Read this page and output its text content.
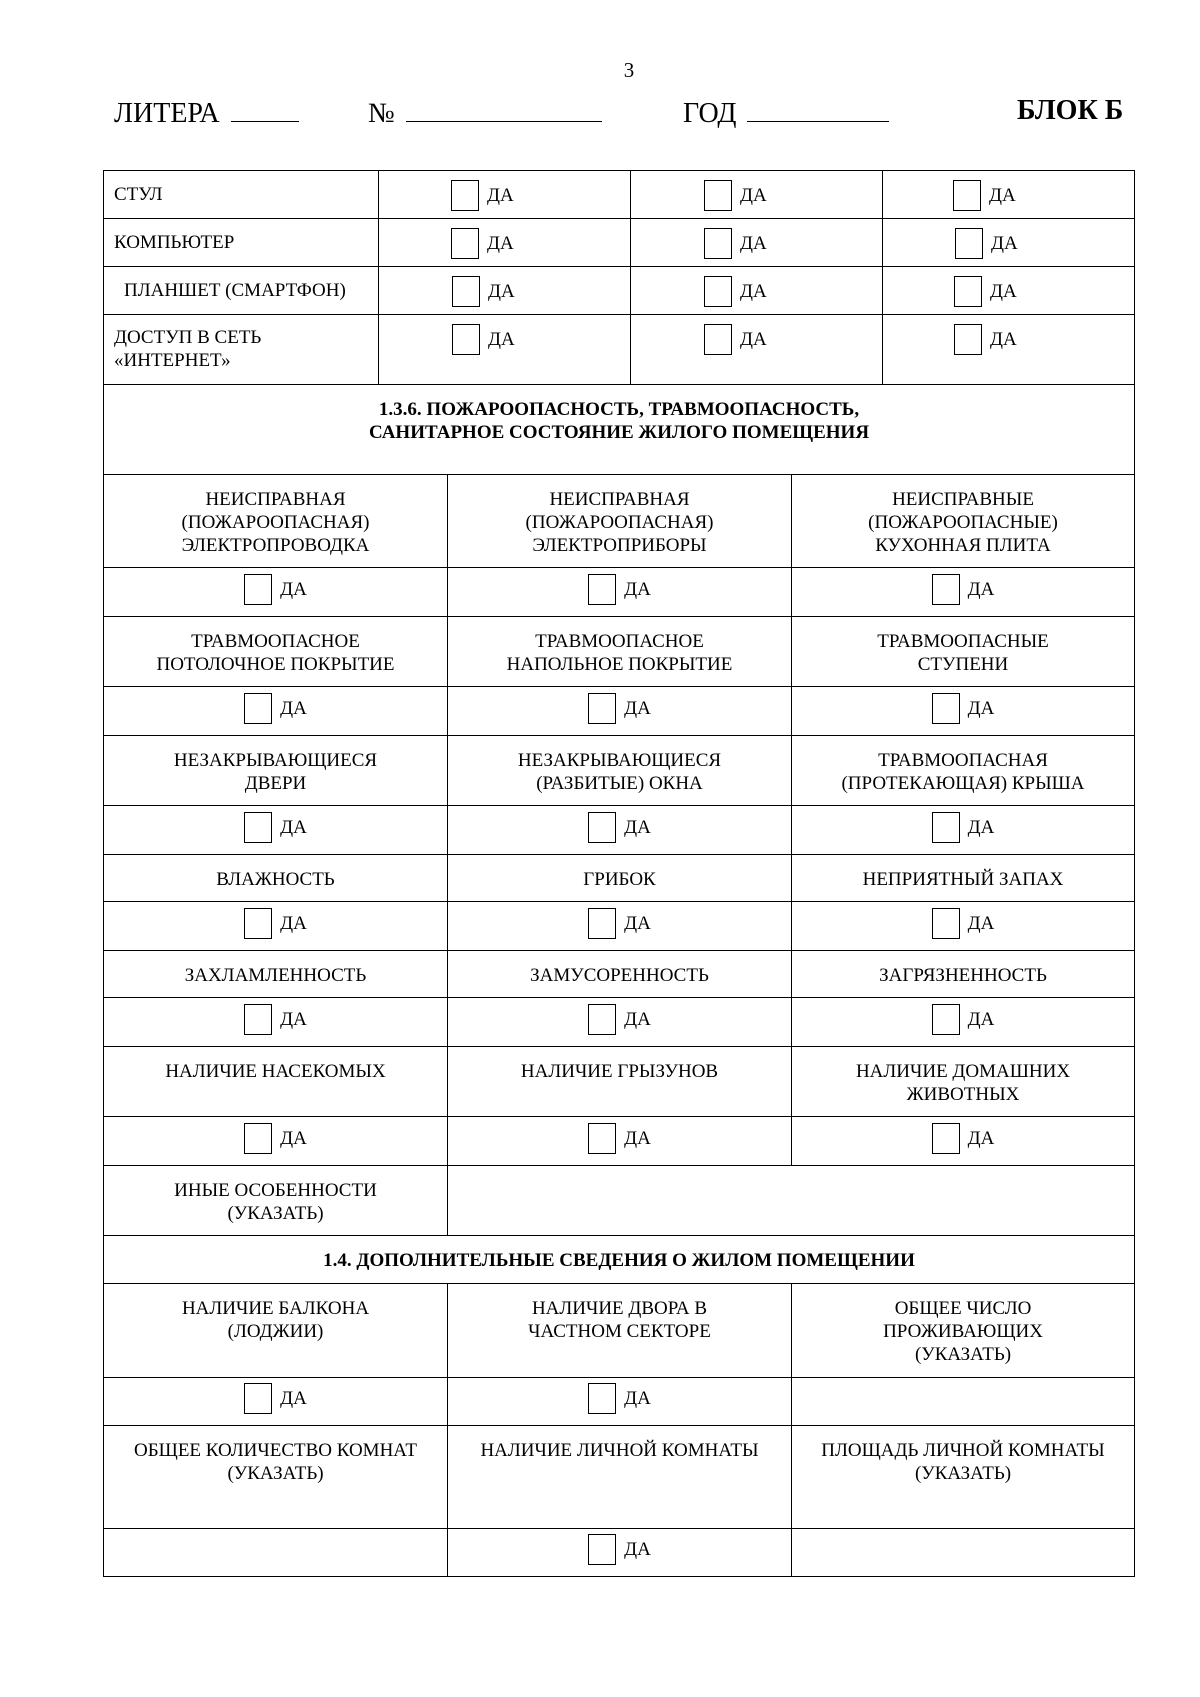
3
ЛИТЕРА	№	ГОД	БЛОК Б
СТУЛ	ДА	ДА	ДА

КОМПЬЮТЕР	ДА	ДА	ДА

ПЛАНШЕТ (СМАРТФОН)	ДА	ДА	ДА

ДОСТУП В СЕТЬ «ИНТЕРНЕТ»	ДА	ДА	ДА
1.3.6. ПОЖАРООПАСНОСТЬ, ТРАВМООПАСНОСТЬ, САНИТАРНОЕ СОСТОЯНИЕ ЖИЛОГО ПОМЕЩЕНИЯ		
НЕИСПРАВНАЯ (ПОЖАРООПАСНАЯ) ЭЛЕКТРОПРОВОДКА	НЕИСПРАВНАЯ (ПОЖАРООПАСНАЯ) ЭЛЕКТРОПРИБОРЫ	НЕИСПРАВНЫЕ (ПОЖАРООПАСНЫЕ) КУХОННАЯ ПЛИТА

ДА	ДА	ДА

ТРАВМООПАСНОЕ ПОТОЛОЧНОЕ ПОКРЫТИЕ	ТРАВМООПАСНОЕ НАПОЛЬНОЕ ПОКРЫТИЕ	ТРАВМООПАСНЫЕ СТУПЕНИ

ДА	ДА	ДА

НЕЗАКРЫВАЮЩИЕСЯ ДВЕРИ	НЕЗАКРЫВАЮЩИЕСЯ (РАЗБИТЫЕ) ОКНА	ТРАВМООПАСНАЯ (ПРОТЕКАЮЩАЯ) КРЫША

ДА	ДА	ДА

ВЛАЖНОСТЬ	ГРИБОК	НЕПРИЯТНЫЙ ЗАПАХ

ДА	ДА	ДА

ЗАХЛАМЛЕННОСТЬ	ЗАМУСОРЕННОСТЬ	ЗАГРЯЗНЕННОСТЬ

ДА	ДА	ДА

НАЛИЧИЕ НАСЕКОМЫХ	НАЛИЧИЕ ГРЫЗУНОВ	НАЛИЧИЕ ДОМАШНИХ ЖИВОТНЫХ

ДА	ДА	ДА

ИНЫЕ ОСОБЕННОСТИ (УКАЗАТЬ)		
1.4. ДОПОЛНИТЕЛЬНЫЕ СВЕДЕНИЯ О ЖИЛОМ ПОМЕЩЕНИИ		
НАЛИЧИЕ БАЛКОНА (ЛОДЖИИ)	НАЛИЧИЕ ДВОРА В ЧАСТНОМ СЕКТОРЕ	ОБЩЕЕ ЧИСЛО ПРОЖИВАЮЩИХ (УКАЗАТЬ)

ДА	ДА	

ОБЩЕЕ КОЛИЧЕСТВО КОМНАТ (УКАЗАТЬ)	НАЛИЧИЕ ЛИЧНОЙ КОМНАТЫ	ПЛОЩАДЬ ЛИЧНОЙ КОМНАТЫ (УКАЗАТЬ)

	ДА	
